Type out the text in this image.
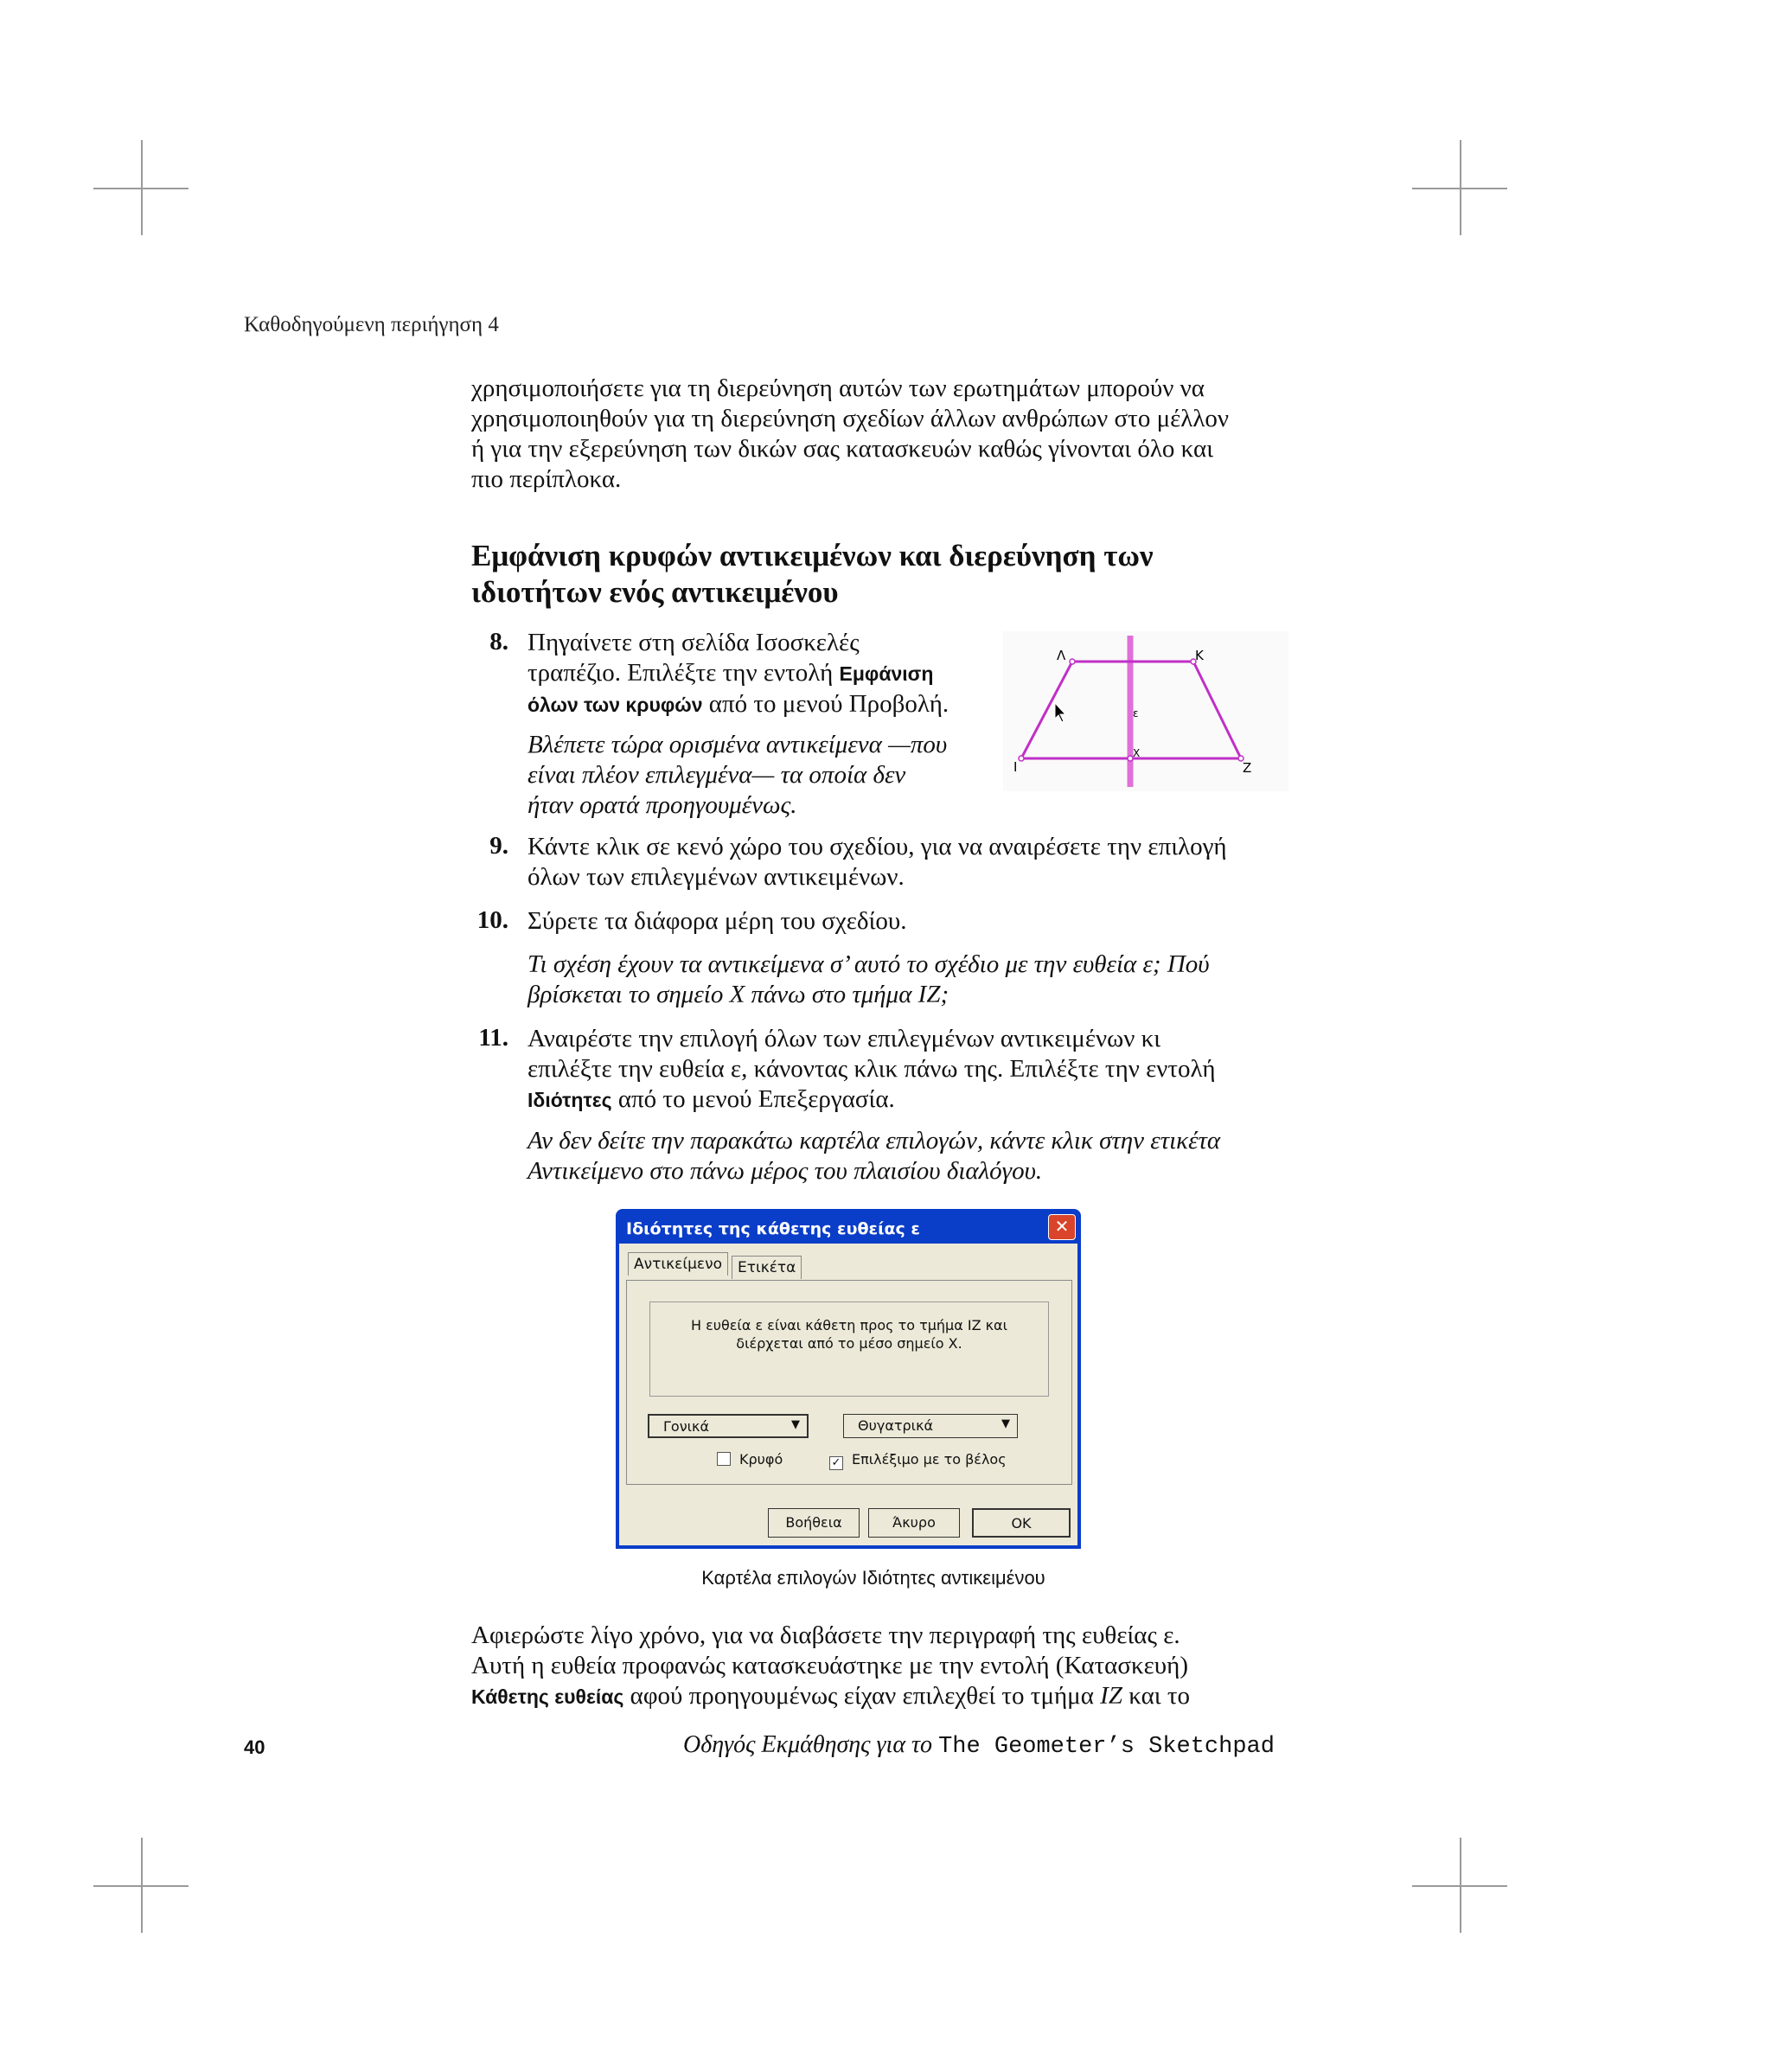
Καθοδηγούμενη περιήγηση 4
χρησιμοποιήσετε για τη διερεύνηση αυτών των ερωτημάτων μπορούν να
χρησιμοποιηθούν για τη διερεύνηση σχεδίων άλλων ανθρώπων στο μέλλον
ή για την εξερεύνηση των δικών σας κατασκευών καθώς γίνονται όλο και
πιο περίπλοκα.
Εμφάνιση κρυφών αντικειμένων και διερεύνηση των
ιδιοτήτων ενός αντικειμένου
8. Πηγαίνετε στη σελίδα Ισοσκελές
τραπέζιο. Επιλέξτε την εντολή Εμφάνιση
όλων των κρυφών από το μενού Προβολή.
Βλέπετε τώρα ορισμένα αντικείμενα —που
είναι πλέον επιλεγμένα— τα οποία δεν
ήταν ορατά προηγουμένως.
Λ	Κ
Ι	Ζ
ε
X
9. Κάντε κλικ σε κενό χώρο του σχεδίου, για να αναιρέσετε την επιλογή
όλων των επιλεγμένων αντικειμένων.
10. Σύρετε τα διάφορα μέρη του σχεδίου.
Τι σχέση έχουν τα αντικείμενα σ’ αυτό το σχέδιο με την ευθεία ε; Πού
βρίσκεται το σημείο Χ πάνω στο τμήμα ΙΖ;
11. Αναιρέστε την επιλογή όλων των επιλεγμένων αντικειμένων κι
επιλέξτε την ευθεία ε, κάνοντας κλικ πάνω της. Επιλέξτε την εντολή
Ιδιότητες από το μενού Επεξεργασία.
Αν δεν δείτε την παρακάτω καρτέλα επιλογών, κάντε κλικ στην ετικέτα
Αντικείμενο στο πάνω μέρος του πλαισίου διαλόγου.
Ιδιότητες της κάθετης ευθείας ε	✕
Αντικείμενο	Ετικέτα
Η ευθεία ε είναι κάθετη προς το τμήμα ΙΖ και
διέρχεται από το μέσο σημείο Χ.
Γονικά	▼	Θυγατρικά	▼
Κρυφό	✓ Επιλέξιμο με το βέλος
Βοήθεια	Άκυρο	OK
Καρτέλα επιλογών Ιδιότητες αντικειμένου
Αφιερώστε λίγο χρόνο, για να διαβάσετε την περιγραφή της ευθείας ε.
Αυτή η ευθεία προφανώς κατασκευάστηκε με την εντολή (Κατασκευή)
Κάθετης ευθείας αφού προηγουμένως είχαν επιλεχθεί το τμήμα ΙΖ και το
40	Οδηγός Εκμάθησης για το The Geometer’s Sketchpad
